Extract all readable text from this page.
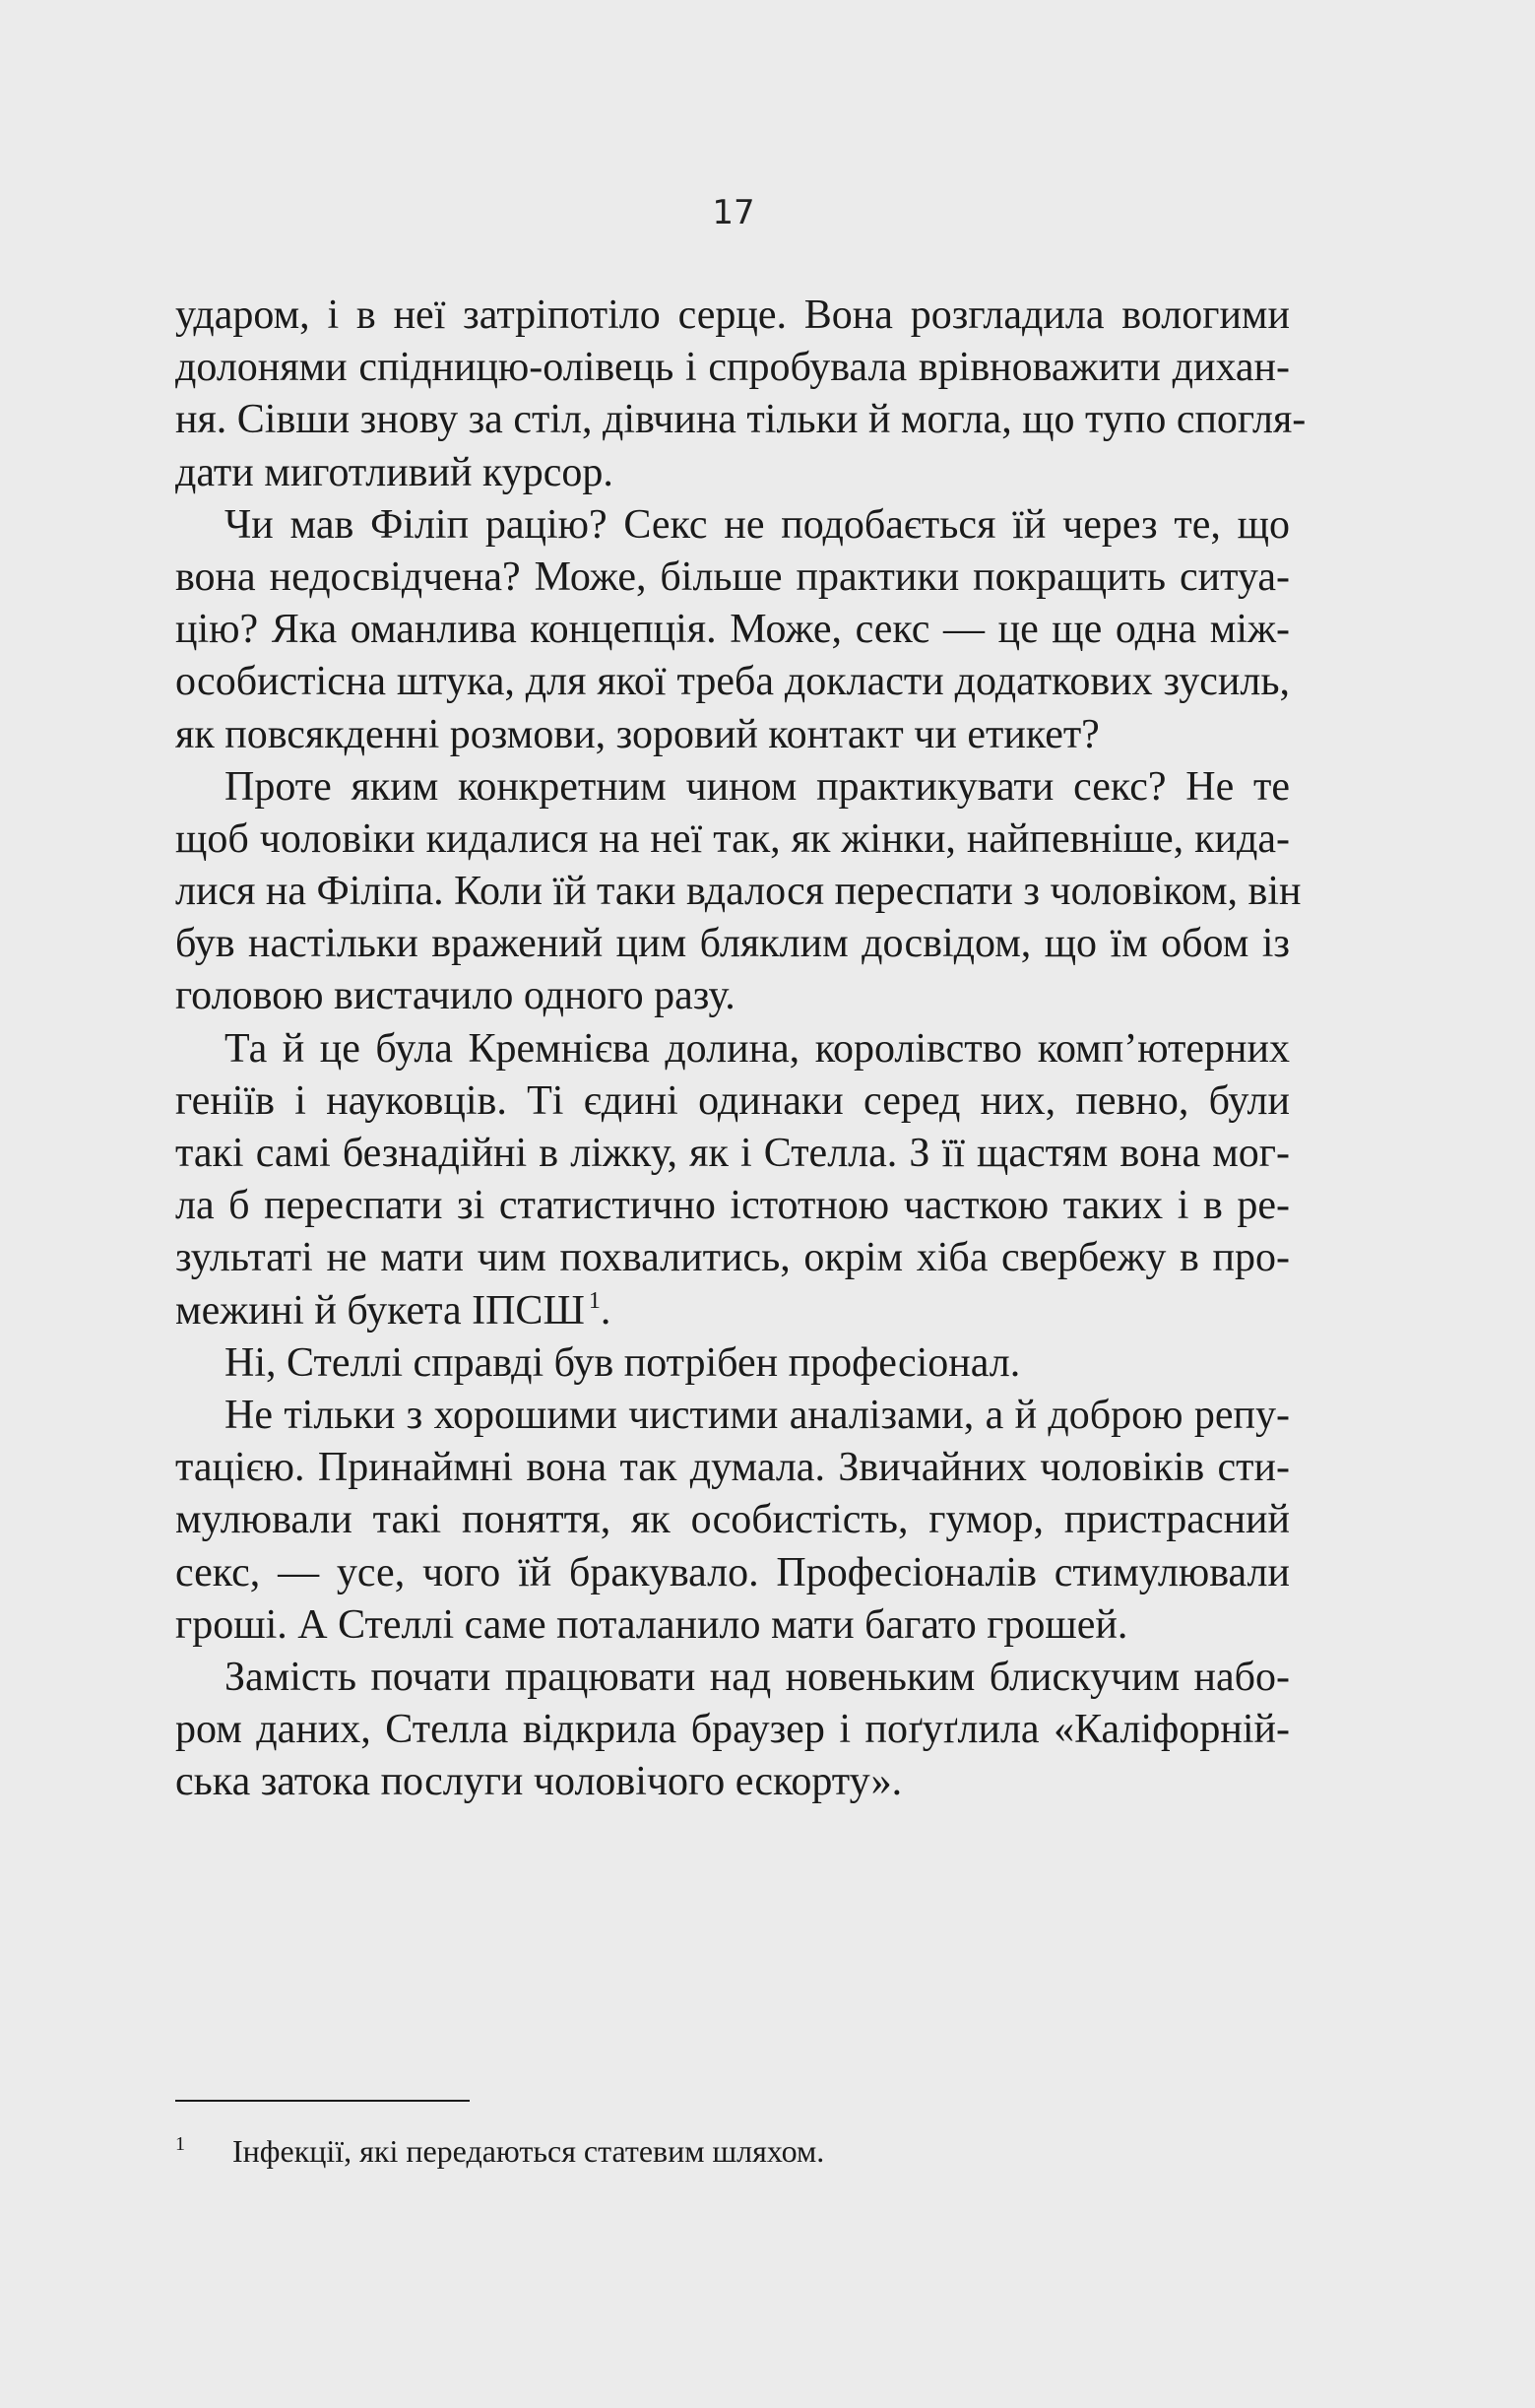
17
ударом, і в неї затріпотіло серце. Вона розгладила вологими
долонями спідницю-олівець і спробувала врівноважити дихан-
ня. Сівши знову за стіл, дівчина тільки й могла, що тупо спогля-
дати миготливий курсор.
Чи мав Філіп рацію? Секс не подобається їй через те, що
вона недосвідчена? Може, більше практики покращить ситуа-
цію? Яка оманлива концепція. Може, секс — це ще одна між-
особистісна штука, для якої треба докласти додаткових зусиль,
як повсякденні розмови, зоровий контакт чи етикет?
Проте яким конкретним чином практикувати секс? Не те
щоб чоловіки кидалися на неї так, як жінки, найпевніше, кида-
лися на Філіпа. Коли їй таки вдалося переспати з чоловіком, він
був настільки вражений цим бляклим досвідом, що їм обом із
головою вистачило одного разу.
Та й це була Кремнієва долина, королівство комп’ютерних
геніїв і науковців. Ті єдині одинаки серед них, певно, були
такі самі безнадійні в ліжку, як і Стелла. З її щастям вона мог-
ла б переспати зі статистично істотною часткою таких і в ре-
зультаті не мати чим похвалитись, окрім хіба свербежу в про-
межині й букета ІПСШ $^1$.
Ні, Стеллі справді був потрібен професіонал.
Не тільки з хорошими чистими аналізами, а й доброю репу-
тацією. Принаймні вона так думала. Звичайних чоловіків сти-
мулювали такі поняття, як особистість, гумор, пристрасний
секс, — усе, чого їй бракувало. Професіоналів стимулювали
гроші. А Стеллі саме поталанило мати багато грошей.
Замість почати працювати над новеньким блискучим набо-
ром даних, Стелла відкрила браузер і поґуґлила «Каліфорній-
ська затока послуги чоловічого ескорту».
1 Інфекції, які передаються статевим шляхом.
